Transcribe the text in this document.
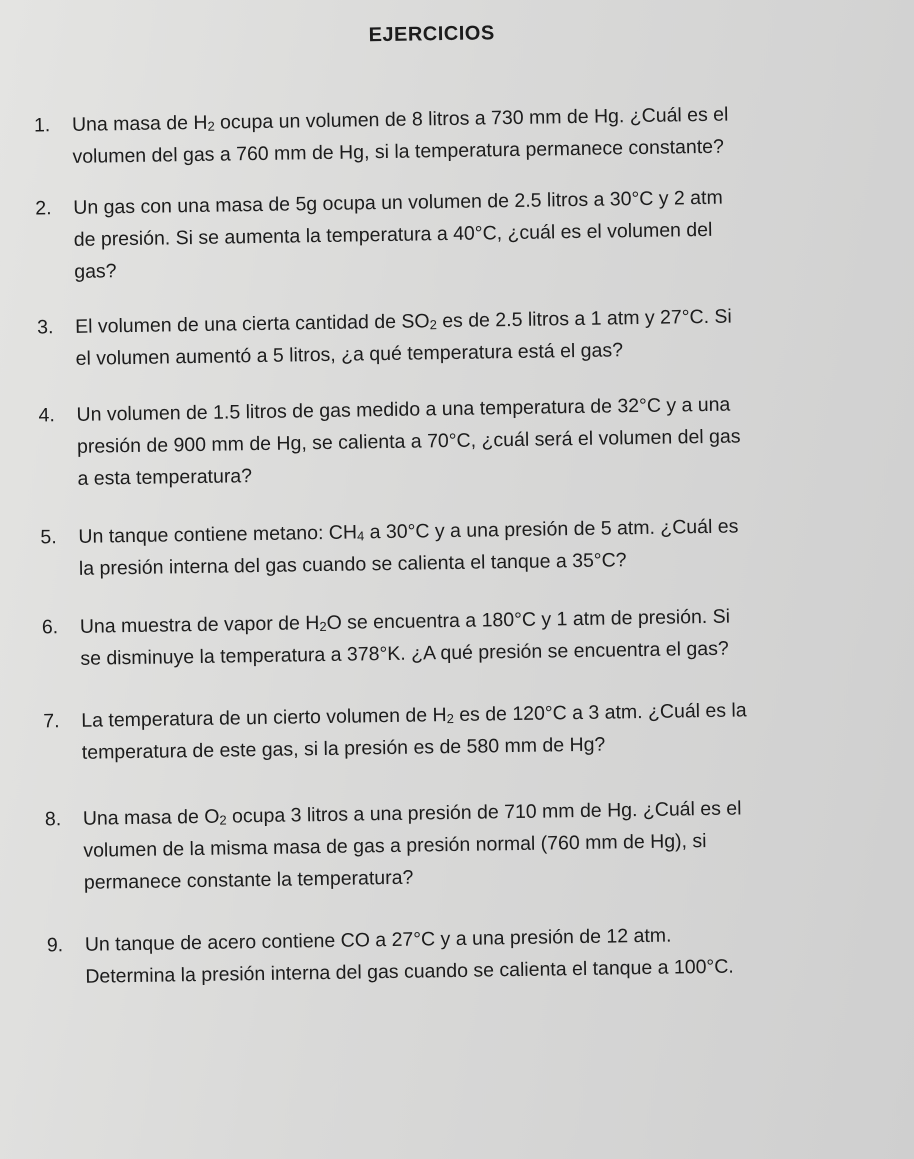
EJERCICIOS
1.	Una masa de $H_2$ ocupa un volumen de 8 litros a 730 mm de Hg. ¿Cuál es el
volumen del gas a 760 mm de Hg, si la temperatura permanece constante?
2.	Un gas con una masa de 5g ocupa un volumen de 2.5 litros a 30°C y 2 atm
de presión. Si se aumenta la temperatura a 40°C, ¿cuál es el volumen del
gas?
3.	El volumen de una cierta cantidad de $SO_2$ es de 2.5 litros a 1 atm y 27°C. Si
el volumen aumentó a 5 litros, ¿a qué temperatura está el gas?
4.	Un volumen de 1.5 litros de gas medido a una temperatura de 32°C y a una
presión de 900 mm de Hg, se calienta a 70°C, ¿cuál será el volumen del gas
a esta temperatura?
5.	Un tanque contiene metano: $CH_4$ a 30°C y a una presión de 5 atm. ¿Cuál es
la presión interna del gas cuando se calienta el tanque a 35°C?
6.	Una muestra de vapor de $H_2O$ se encuentra a 180°C y 1 atm de presión. Si
se disminuye la temperatura a 378°K. ¿A qué presión se encuentra el gas?
7.	La temperatura de un cierto volumen de $H_2$ es de 120°C a 3 atm. ¿Cuál es la
temperatura de este gas, si la presión es de 580 mm de Hg?
8.	Una masa de $O_2$ ocupa 3 litros a una presión de 710 mm de Hg. ¿Cuál es el
volumen de la misma masa de gas a presión normal (760 mm de Hg), si
permanece constante la temperatura?
9.	Un tanque de acero contiene CO a 27°C y a una presión de 12 atm.
Determina la presión interna del gas cuando se calienta el tanque a 100°C.
